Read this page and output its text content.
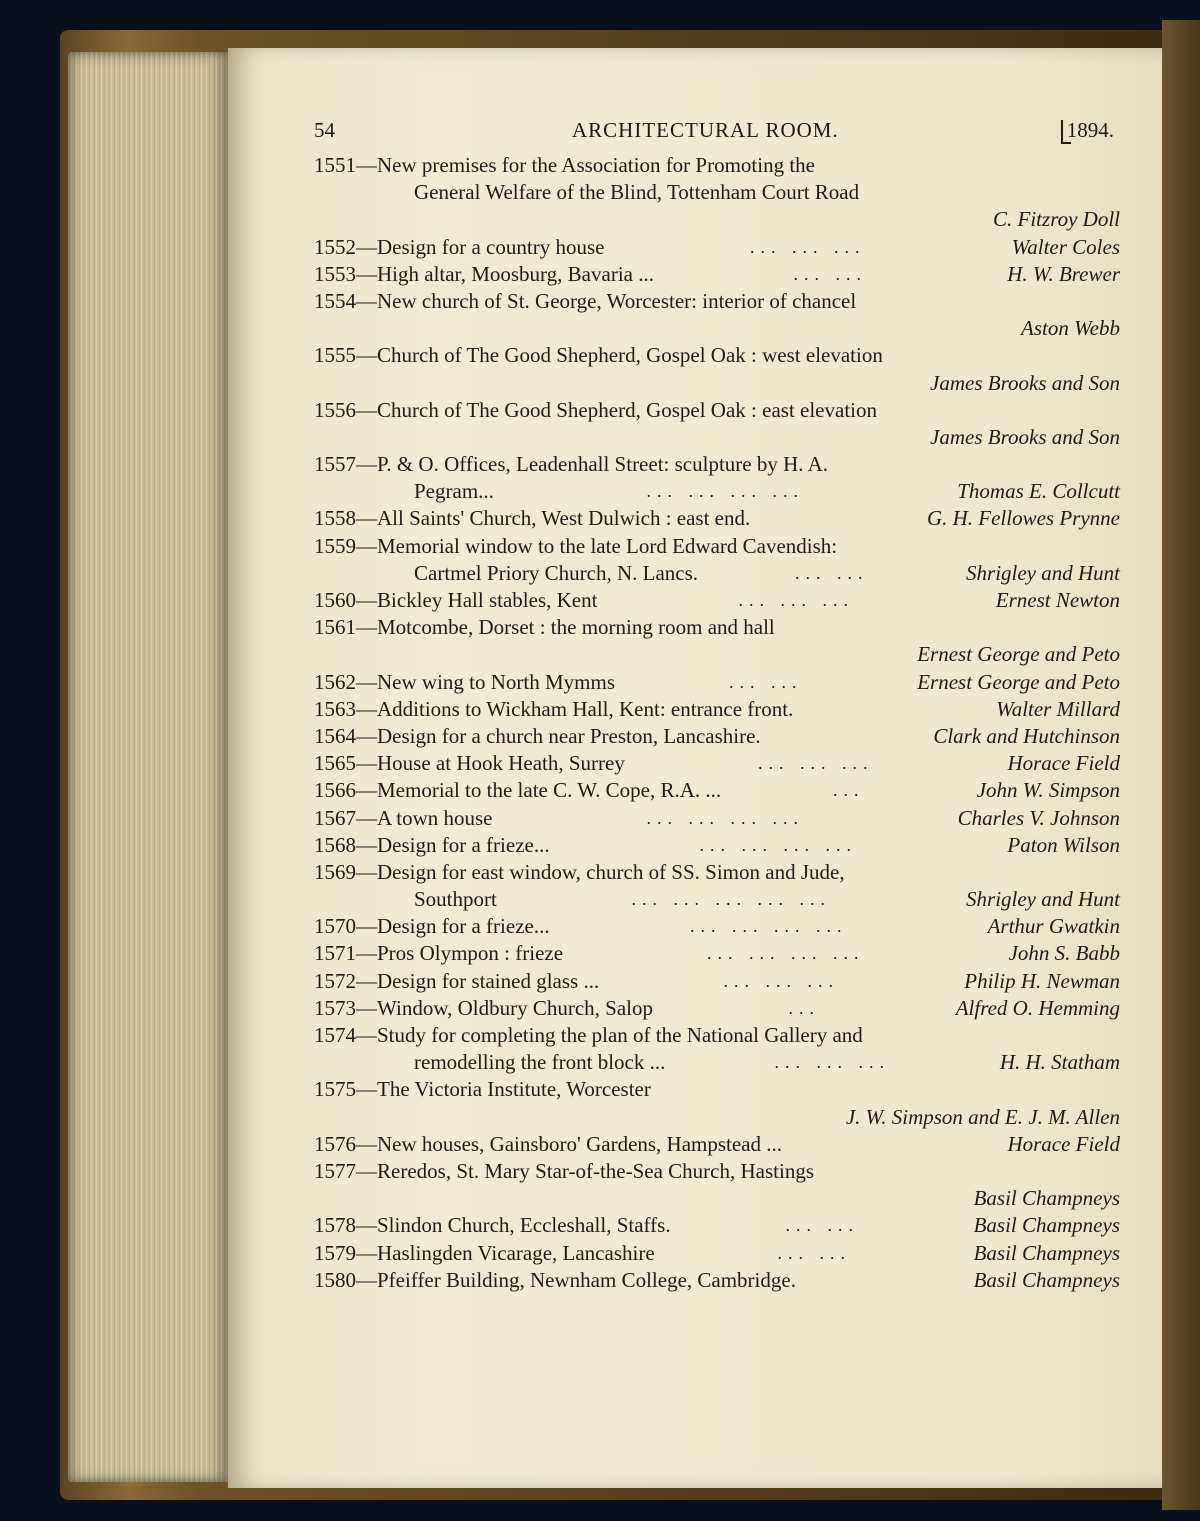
54	ARCHITECTURAL ROOM.	1894.
1551—New premises for the Association for Promoting the
General Welfare of the Blind, Tottenham Court Road
C. Fitzroy Doll
1552—Design for a country house	... ... ...	Walter Coles
1553—High altar, Moosburg, Bavaria ...	... ...	H. W. Brewer
1554—New church of St. George, Worcester: interior of chancel
Aston Webb
1555—Church of The Good Shepherd, Gospel Oak : west elevation
James Brooks and Son
1556—Church of The Good Shepherd, Gospel Oak : east elevation
James Brooks and Son
1557—P. & O. Offices, Leadenhall Street: sculpture by H. A.
Pegram...	... ... ... ...	Thomas E. Collcutt
1558—All Saints' Church, West Dulwich : east end.	G. H. Fellowes Prynne
1559—Memorial window to the late Lord Edward Cavendish:
Cartmel Priory Church, N. Lancs.	... ...	Shrigley and Hunt
1560—Bickley Hall stables, Kent	... ... ...	Ernest Newton
1561—Motcombe, Dorset : the morning room and hall
Ernest George and Peto
1562—New wing to North Mymms	... ...	Ernest George and Peto
1563—Additions to Wickham Hall, Kent: entrance front.	Walter Millard
1564—Design for a church near Preston, Lancashire.	Clark and Hutchinson
1565—House at Hook Heath, Surrey	... ... ...	Horace Field
1566—Memorial to the late C. W. Cope, R.A. ...	...	John W. Simpson
1567—A town house	... ... ... ...	Charles V. Johnson
1568—Design for a frieze...	... ... ... ...	Paton Wilson
1569—Design for east window, church of SS. Simon and Jude,
Southport	... ... ... ... ...	Shrigley and Hunt
1570—Design for a frieze...	... ... ... ...	Arthur Gwatkin
1571—Pros Olympon : frieze	... ... ... ...	John S. Babb
1572—Design for stained glass ...	... ... ...	Philip H. Newman
1573—Window, Oldbury Church, Salop	...	Alfred O. Hemming
1574—Study for completing the plan of the National Gallery and
remodelling the front block ...	... ... ...	H. H. Statham
1575—The Victoria Institute, Worcester
J. W. Simpson and E. J. M. Allen
1576—New houses, Gainsboro' Gardens, Hampstead ...	Horace Field
1577—Reredos, St. Mary Star-of-the-Sea Church, Hastings
Basil Champneys
1578—Slindon Church, Eccleshall, Staffs.	... ...	Basil Champneys
1579—Haslingden Vicarage, Lancashire	... ...	Basil Champneys
1580—Pfeiffer Building, Newnham College, Cambridge.	Basil Champneys
